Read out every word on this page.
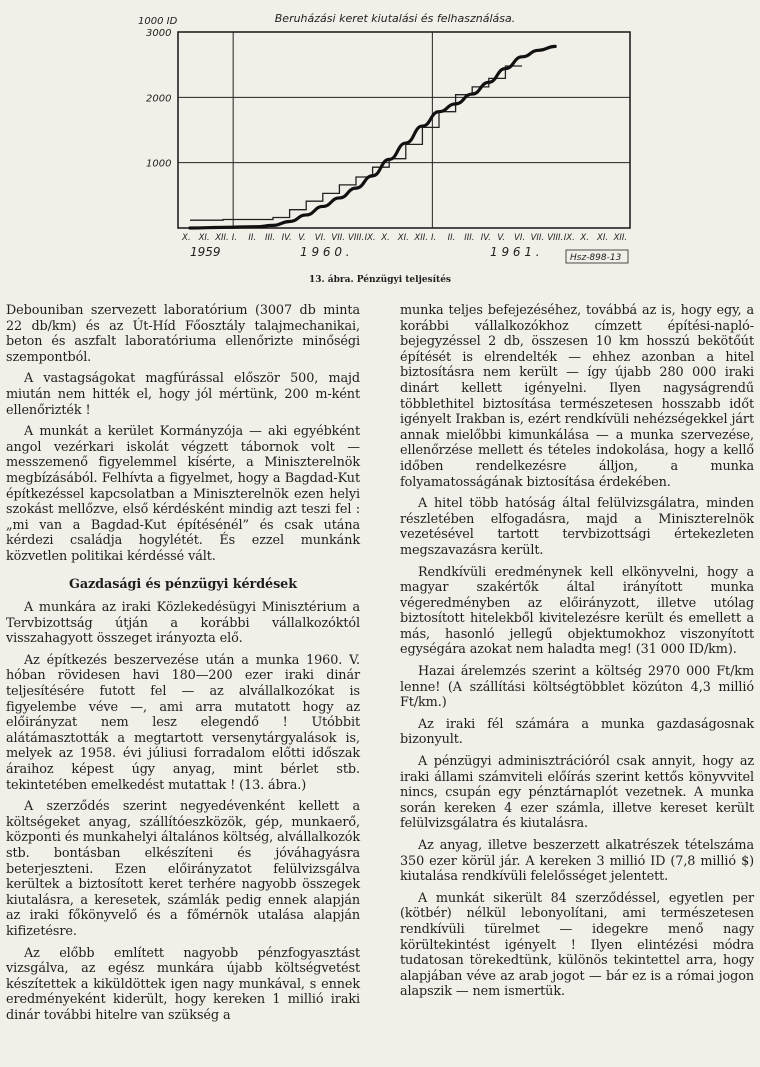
1000
2000
3000
1000 ID	Beruházási keret kiutalási és felhasználása.
X. XI. XII. I. II. III. IV. V. VI. VII. VIII. IX. X. XI. XII. I. II. III. IV. V. VI. VII. VIII. IX. X. XI. XII.
1959	1 9 6 0 .	1 9 6 1 .	Hsz-898-13
13. ábra. Pénzügyi teljesítés

Debouniban szervezett laboratórium (3007 db minta 22 db/km) és az Út-Híd Főosztály talajmechanikai, beton és aszfalt laboratóriuma ellenőrizte minőségi szempontból.

A vastagságokat magfúrással először 500, majd miután nem hitték el, hogy jól mértünk, 200 m-ként ellenőrizték !

A munkát a kerület Kormányzója — aki egyébként angol vezérkari iskolát végzett tábornok volt — messzemenő figyelemmel kísérte, a Miniszterelnök megbízásából. Felhívta a figyelmet, hogy a Bagdad-Kut építkezéssel kapcsolatban a Miniszterelnök ezen helyi szokást mellőzve, első kérdésként mindig azt teszi fel : „mi van a Bagdad-Kut építésénél” és csak utána kérdezi családja hogylétét. És ezzel munkánk közvetlen politikai kérdéssé vált.

Gazdasági és pénzügyi kérdések

A munkára az iraki Közlekedésügyi Minisztérium a Tervbizottság útján a korábbi vállalkozóktól visszahagyott összeget irányozta elő.

Az építkezés beszervezése után a munka 1960. V. hóban rövidesen havi 180—200 ezer iraki dinár teljesítésére futott fel — az alvállalkozókat is figyelembe véve —, ami arra mutatott hogy az előirányzat nem lesz elegendő ! Utóbbit alátámasztották a megtartott versenytárgyalások is, melyek az 1958. évi júliusi forradalom előtti időszak áraihoz képest úgy anyag, mint bérlet stb. tekintetében emelkedést mutattak ! (13. ábra.)

A szerződés szerint negyedévenként kellett a költségeket anyag, szállítóeszközök, gép, munkaerő, központi és munkahelyi általános költség, alvállalkozók stb. bontásban elkészíteni és jóváhagyásra beterjeszteni. Ezen előirányzatot felülvizsgálva kerültek a biztosított keret terhére nagyobb összegek kiutalásra, a keresetek, számlák pedig ennek alapján az iraki főkönyvelő és a főmérnök utalása alapján kifizetésre.

Az előbb említett nagyobb pénzfogyasztást vizsgálva, az egész munkára újabb költségvetést készítettek a kiküldöttek igen nagy munkával, s ennek eredményeként kiderült, hogy kereken 1 millió iraki dinár további hitelre van szükség a

munka teljes befejezéséhez, továbbá az is, hogy egy, a korábbi vállalkozókhoz címzett építési-napló-bejegyzéssel 2 db, összesen 10 km hosszú bekötőút építését is elrendelték — ehhez azonban a hitel biztosításra nem került — így újabb 280 000 iraki dinárt kellett igényelni. Ilyen nagyságrendű többlethitel biztosítása természetesen hosszabb időt igényelt Irakban is, ezért rendkívüli nehézségekkel járt annak mielőbbi kimunkálása — a munka szervezése, ellenőrzése mellett és tételes indokolása, hogy a kellő időben rendelkezésre álljon, a munka folyamatosságának biztosítása érdekében.

A hitel több hatóság által felülvizsgálatra, minden részletében elfogadásra, majd a Miniszterelnök vezetésével tartott tervbizottsági értekezleten megszavazásra került.

Rendkívüli eredménynek kell elkönyvelni, hogy a magyar szakértők által irányított munka végeredményben az előirányzott, illetve utólag biztosított hitelekből kivitelezésre került és emellett a más, hasonló jellegű objektumokhoz viszonyított egységára azokat nem haladta meg! (31 000 ID/km).

Hazai árelemzés szerint a költség 2970 000 Ft/km lenne! (A szállítási költségtöbblet közúton 4,3 millió Ft/km.)

Az iraki fél számára a munka gazdaságosnak bizonyult.

A pénzügyi adminisztrációról csak annyit, hogy az iraki állami számviteli előírás szerint kettős könyvvitel nincs, csupán egy pénztárnaplót vezetnek. A munka során kereken 4 ezer számla, illetve kereset került felülvizsgálatra és kiutalásra.

Az anyag, illetve beszerzett alkatrészek tételszáma 350 ezer körül jár. A kereken 3 millió ID (7,8 millió $) kiutalása rendkívüli felelősséget jelentett.

A munkát sikerült 84 szerződéssel, egyetlen per (kötbér) nélkül lebonyolítani, ami természetesen rendkívüli türelmet — idegekre menő nagy körültekintést igényelt ! Ilyen elintézési módra tudatosan törekedtünk, különös tekintettel arra, hogy alapjában véve az arab jogot — bár ez is a római jogon alapszik — nem ismertük.
